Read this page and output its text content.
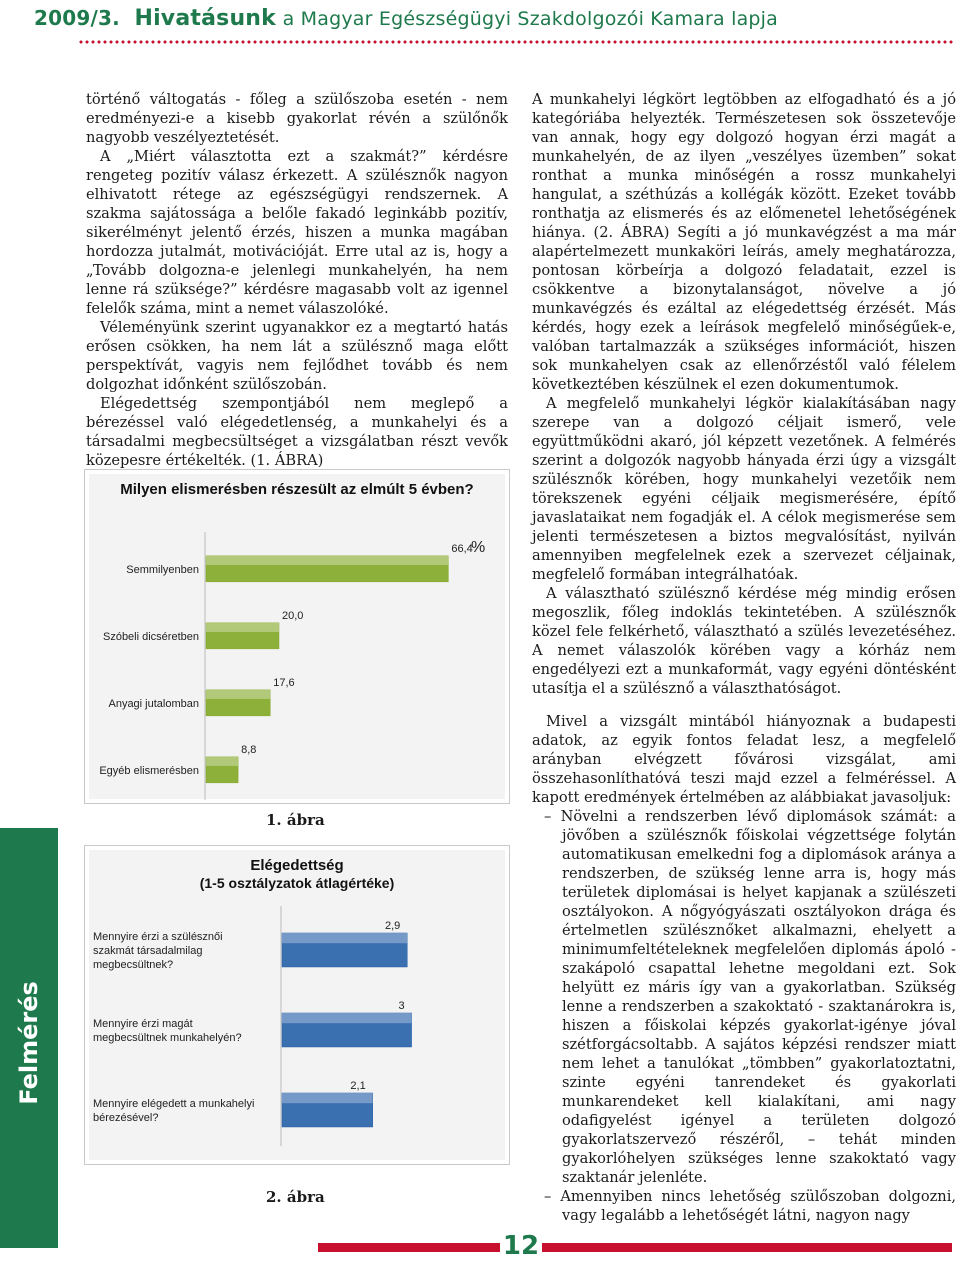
2009/3. Hivatásunk a Magyar Egészségügyi Szakdolgozói Kamara lapja

történő váltogatás - főleg a szülőszoba esetén - nem eredményezi-e a kisebb gyakorlat révén a szülőnők nagyobb veszélyeztetését.

A „Miért választotta ezt a szakmát?” kérdésre rengeteg pozitív válasz érkezett. A szülésznők nagyon elhivatott rétege az egészségügyi rendszernek. A szakma sajátossága a belőle fakadó leginkább pozitív, sikerélményt jelentő érzés, hiszen a munka magában hordozza jutalmát, motivációját. Erre utal az is, hogy a „Tovább dolgozna-e jelenlegi munkahelyén, ha nem lenne rá szüksége?” kérdésre magasabb volt az igennel felelők száma, mint a nemet válaszolóké.

Véleményünk szerint ugyanakkor ez a megtartó hatás erősen csökken, ha nem lát a szülésznő maga előtt perspektívát, vagyis nem fejlődhet tovább és nem dolgozhat időnként szülőszobán.

Elégedettség szempontjából nem meglepő a bérezéssel való elégedetlenség, a munkahelyi és a társadalmi megbecsültséget a vizsgálatban részt vevők közepesre értékelték. (1. ÁBRA)

Milyen elismerésben részesült az elmúlt 5 évben?
%
Semmilyenben
66,4
Szóbeli dicséretben
20,0
Anyagi jutalomban
17,6
Egyéb elismerésben
8,8
1. ábra
Elégedettség
(1-5 osztályzatok átlagértéke)
Mennyire érzi a szülésznői szakmát társadalmilag megbecsültnek?
2,9
Mennyire érzi magát megbecsültnek munkahelyén?
3
Mennyire elégedett a munkahelyi bérezésével?
2,1
2. ábra

A munkahelyi légkört legtöbben az elfogadható és a jó kategóriába helyezték. Természetesen sok összetevője van annak, hogy egy dolgozó hogyan érzi magát a munkahelyén, de az ilyen „veszélyes üzemben” sokat ronthat a munka minőségén a rossz munkahelyi hangulat, a széthúzás a kollégák között. Ezeket tovább ronthatja az elismerés és az előmenetel lehetőségének hiánya. (2. ÁBRA) Segíti a jó munkavégzést a ma már alapértelmezett munkaköri leírás, amely meghatározza, pontosan körbeírja a dolgozó feladatait, ezzel is csökkentve a bizonytalanságot, növelve a jó munkavégzés és ezáltal az elégedettség érzését. Más kérdés, hogy ezek a leírások megfelelő minőségűek-e, valóban tartalmazzák a szükséges információt, hiszen sok munkahelyen csak az ellenőrzéstől való félelem következtében készülnek el ezen dokumentumok.

A megfelelő munkahelyi légkör kialakításában nagy szerepe van a dolgozó céljait ismerő, vele együttműködni akaró, jól képzett vezetőnek. A felmérés szerint a dolgozók nagyobb hányada érzi úgy a vizsgált szülésznők körében, hogy munkahelyi vezetőik nem törekszenek egyéni céljaik megismerésére, építő javaslataikat nem fogadják el. A célok megismerése sem jelenti természetesen a biztos megvalósítást, nyilván amennyiben megfelelnek ezek a szervezet céljainak, megfelelő formában integrálhatóak.

A választható szülésznő kérdése még mindig erősen megoszlik, főleg indoklás tekintetében. A szülésznők közel fele felkérhető, választható a szülés levezetéséhez. A nemet válaszolók körében vagy a kórház nem engedélyezi ezt a munkaformát, vagy egyéni döntésként utasítja el a szülésznő a választhatóságot.

Mivel a vizsgált mintából hiányoznak a budapesti adatok, az egyik fontos feladat lesz, a megfelelő arányban elvégzett fővárosi vizsgálat, ami összehasonlíthatóvá teszi majd ezzel a felméréssel. A kapott eredmények értelmében az alábbiakat javasoljuk:

– Növelni a rendszerben lévő diplomások számát: a jövőben a szülésznők főiskolai végzettsége folytán automatikusan emelkedni fog a diplomások aránya a rendszerben, de szükség lenne arra is, hogy más területek diplomásai is helyet kapjanak a szülészeti osztályokon. A nőgyógyászati osztályokon drága és értelmetlen szülésznőket alkalmazni, ehelyett a minimumfeltételeknek megfelelően diplomás ápoló - szakápoló csapattal lehetne megoldani ezt. Sok helyütt ez máris így van a gyakorlatban. Szükség lenne a rendszerben a szakoktató - szaktanárokra is, hiszen a főiskolai képzés gyakorlat-igénye jóval szétforgácsoltabb. A sajátos képzési rendszer miatt nem lehet a tanulókat „tömbben” gyakorlatoztatni, szinte egyéni tanrendeket és gyakorlati munkarendeket kell kialakítani, ami nagy odafigyelést igényel a területen dolgozó gyakorlatszervező részéről, – tehát minden gyakorlóhelyen szükséges lenne szakoktató vagy szaktanár jelenléte.

– Amennyiben nincs lehetőség szülőszoban dolgozni, vagy legalább a lehetőségét látni, nagyon nagy

Felmérés
12
